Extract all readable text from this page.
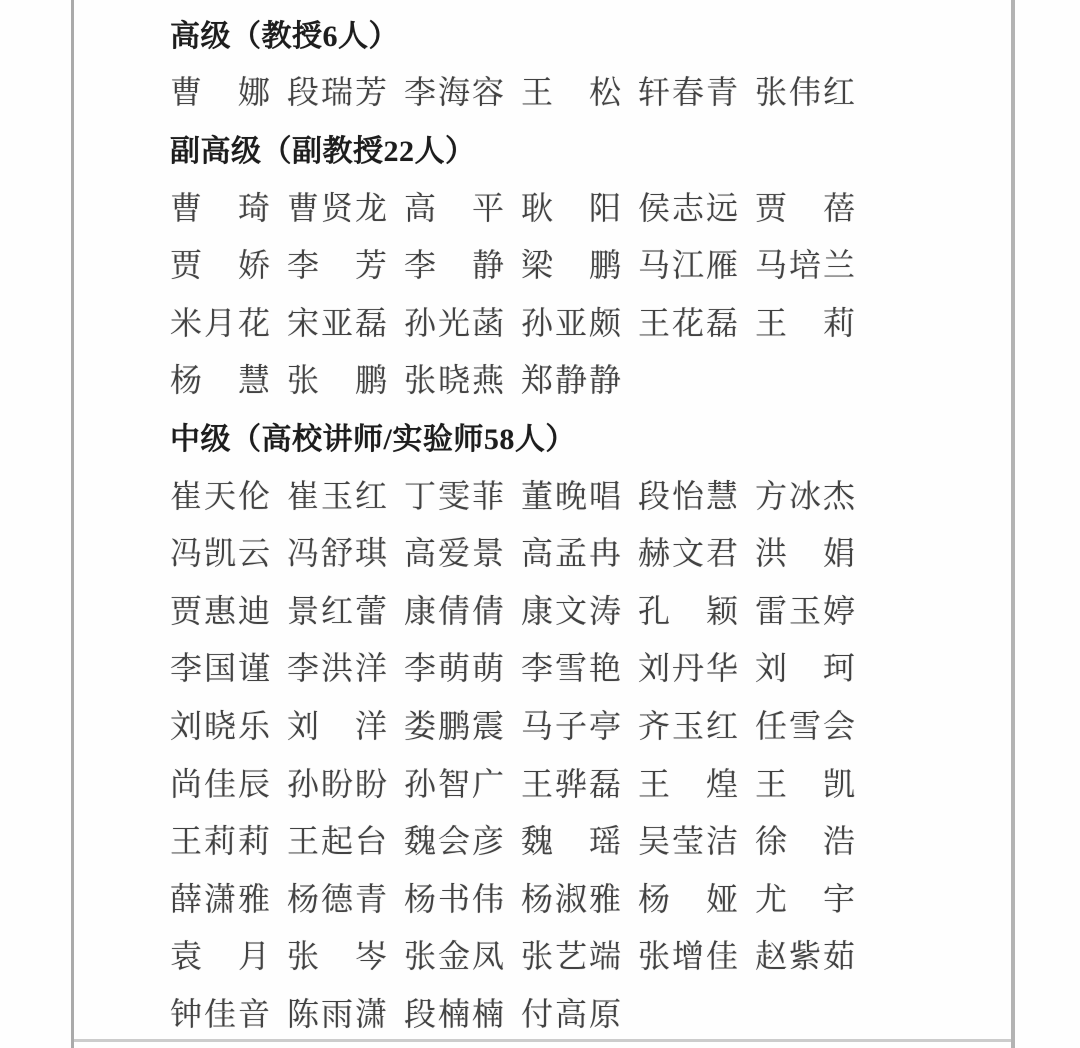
高级（教授6人）
曹 娜 段 瑞 芳 李 海 容 王 松 轩 春 青 张 伟 红
副高级（副教授22人）
曹 琦 曹 贤 龙 高 平 耿 阳 侯 志 远 贾 蓓
贾 娇 李 芳 李 静 梁 鹏 马 江 雁 马 培 兰
米 月 花 宋 亚 磊 孙 光 菡 孙 亚 颇 王 花 磊 王 莉
杨 慧 张 鹏 张 晓 燕 郑 静 静
中级（高校讲师/实验师58人）
崔 天 伦 崔 玉 红 丁 雯 菲 董 晚 唱 段 怡 慧 方 冰 杰
冯 凯 云 冯 舒 琪 高 爱 景 高 孟 冉 赫 文 君 洪 娟
贾 惠 迪 景 红 蕾 康 倩 倩 康 文 涛 孔 颖 雷 玉 婷
李 国 谨 李 洪 洋 李 萌 萌 李 雪 艳 刘 丹 华 刘 珂
刘 晓 乐 刘 洋 娄 鹏 震 马 子 亭 齐 玉 红 任 雪 会
尚 佳 辰 孙 盼 盼 孙 智 广 王 骅 磊 王 煌 王 凯
王 莉 莉 王 起 台 魏 会 彦 魏 瑶 吴 莹 洁 徐 浩
薛 潇 雅 杨 德 青 杨 书 伟 杨 淑 雅 杨 娅 尤 宇
袁 月 张 岑 张 金 凤 张 艺 端 张 增 佳 赵 紫 茹
钟 佳 音 陈 雨 潇 段 楠 楠 付 高 原
